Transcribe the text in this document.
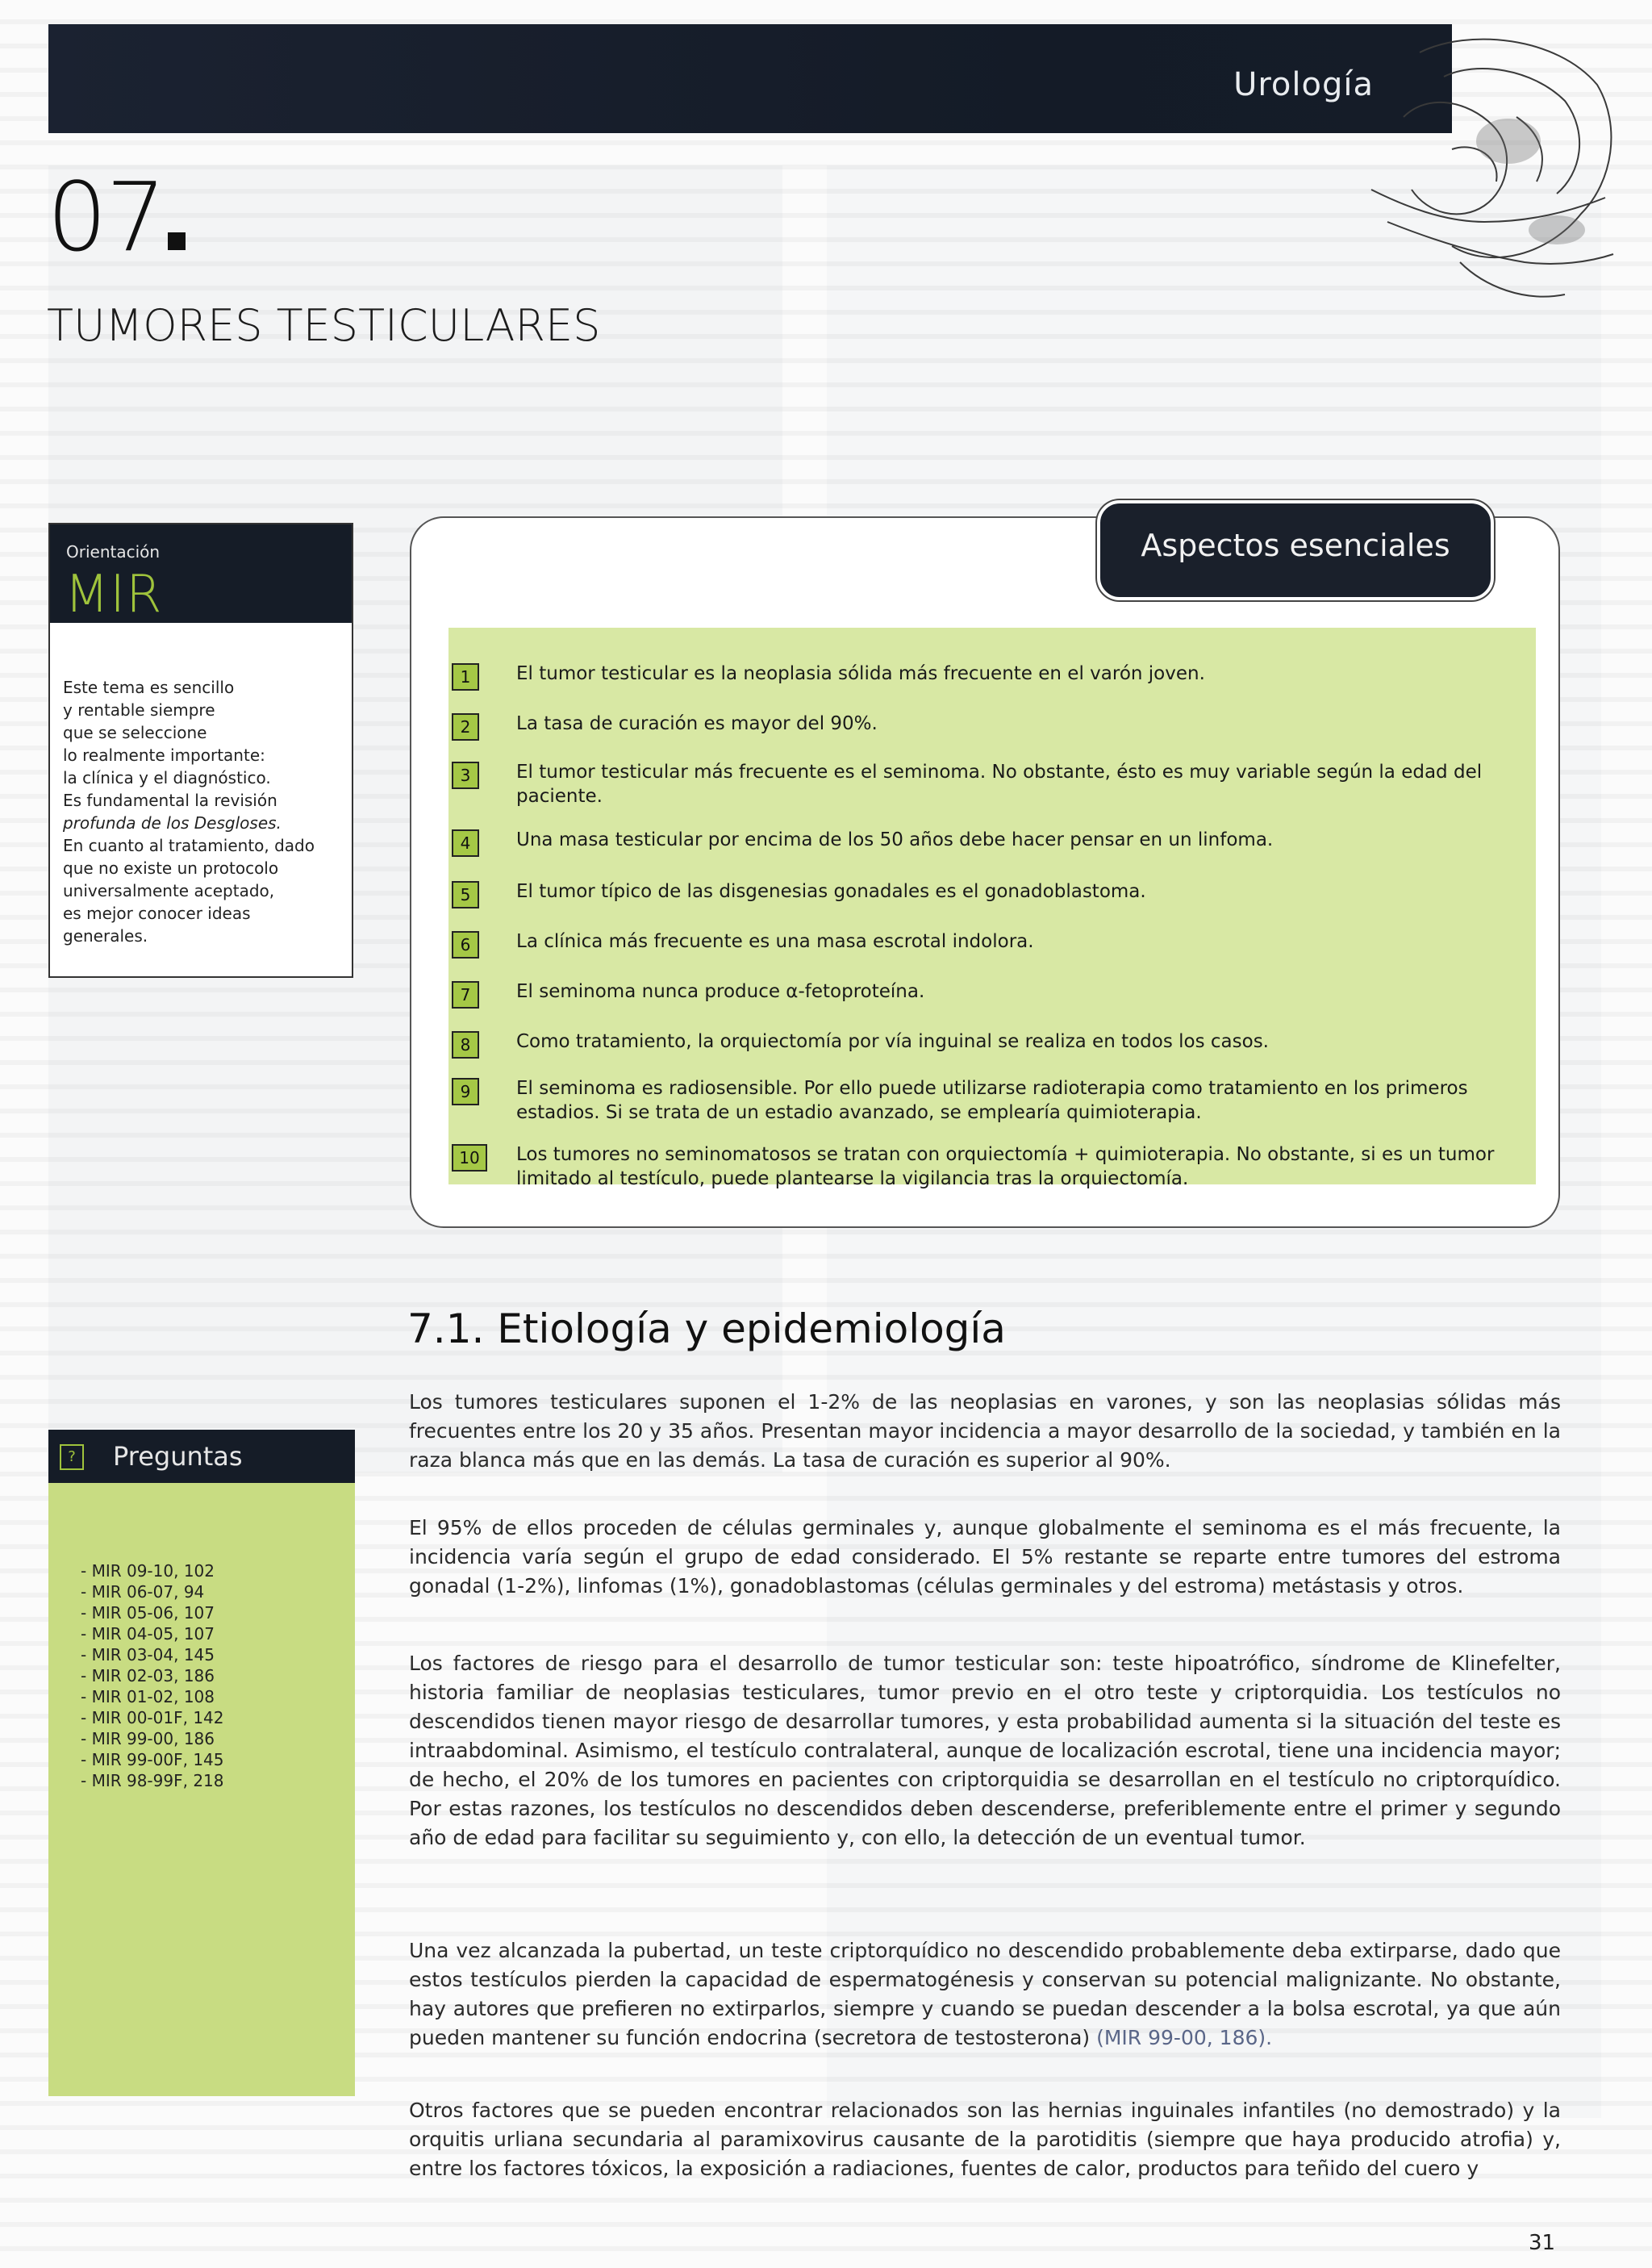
Urología
07
TUMORES TESTICULARES
Orientación
MIR

Este tema es sencillo

y rentable siempre

que se seleccione

lo realmente importante:

la clínica y el diagnóstico.

Es fundamental la revisión

profunda de los Desgloses.

En cuanto al tratamiento, dado

que no existe un protocolo

universalmente aceptado,

es mejor conocer ideas

generales.

Aspectos esenciales
1	El tumor testicular es la neoplasia sólida más frecuente en el varón joven.
2	La tasa de curación es mayor del 90%.
3	El tumor testicular más frecuente es el seminoma. No obstante, ésto es muy variable según la edad del paciente.
4	Una masa testicular por encima de los 50 años debe hacer pensar en un linfoma.
5	El tumor típico de las disgenesias gonadales es el gonadoblastoma.
6	La clínica más frecuente es una masa escrotal indolora.
7	El seminoma nunca produce α-fetoproteína.
8	Como tratamiento, la orquiectomía por vía inguinal se realiza en todos los casos.
9	El seminoma es radiosensible. Por ello puede utilizarse radioterapia como tratamiento en los primeros estadios. Si se trata de un estadio avanzado, se emplearía quimioterapia.
10	Los tumores no seminomatosos se tratan con orquiectomía + quimioterapia. No obstante, si es un tumor limitado al testículo, puede plantearse la vigilancia tras la orquiectomía.
7.1. Etiología y epidemiología

Los tumores testiculares suponen el 1-2% de las neoplasias en varones, y son las neoplasias sólidas más frecuentes entre los 20 y 35 años. Presentan mayor incidencia a mayor desarrollo de la sociedad, y también en la raza blanca más que en las demás. La tasa de curación es superior al 90%.

El 95% de ellos proceden de células germinales y, aunque globalmente el seminoma es el más frecuente, la incidencia varía según el grupo de edad considerado. El 5% restante se reparte entre tumores del estroma gonadal (1-2%), linfomas (1%), gonadoblastomas (células germinales y del estroma) metástasis y otros.

Los factores de riesgo para el desarrollo de tumor testicular son: teste hipoatrófico, síndrome de Klinefelter, historia familiar de neoplasias testiculares, tumor previo en el otro teste y criptorquidia. Los testículos no descendidos tienen mayor riesgo de desarrollar tumores, y esta probabilidad aumenta si la situación del teste es intraabdominal. Asimismo, el testículo contralateral, aunque de localización escrotal, tiene una incidencia mayor; de hecho, el 20% de los tumores en pacientes con criptorquidia se desarrollan en el testículo no criptorquídico. Por estas razones, los testículos no descendidos deben descenderse, preferiblemente entre el primer y segundo año de edad para facilitar su seguimiento y, con ello, la detección de un eventual tumor.

Una vez alcanzada la pubertad, un teste criptorquídico no descendido probablemente deba extirparse, dado que estos testículos pierden la capacidad de espermatogénesis y conservan su potencial malignizante. No obstante, hay autores que prefieren no extirparlos, siempre y cuando se puedan descender a la bolsa escrotal, ya que aún pueden mantener su función endocrina (secretora de testosterona) (MIR 99-00, 186).

Otros factores que se pueden encontrar relacionados son las hernias inguinales infantiles (no demostrado) y la orquitis urliana secundaria al paramixovirus causante de la parotiditis (siempre que haya producido atrofia) y, entre los factores tóxicos, la exposición a radiaciones, fuentes de calor, productos para teñido del cuero y

?	Preguntas
- MIR 09-10, 102
- MIR 06-07, 94
- MIR 05-06, 107
- MIR 04-05, 107
- MIR 03-04, 145
- MIR 02-03, 186
- MIR 01-02, 108
- MIR 00-01F, 142
- MIR 99-00, 186
- MIR 99-00F, 145
- MIR 98-99F, 218
31
